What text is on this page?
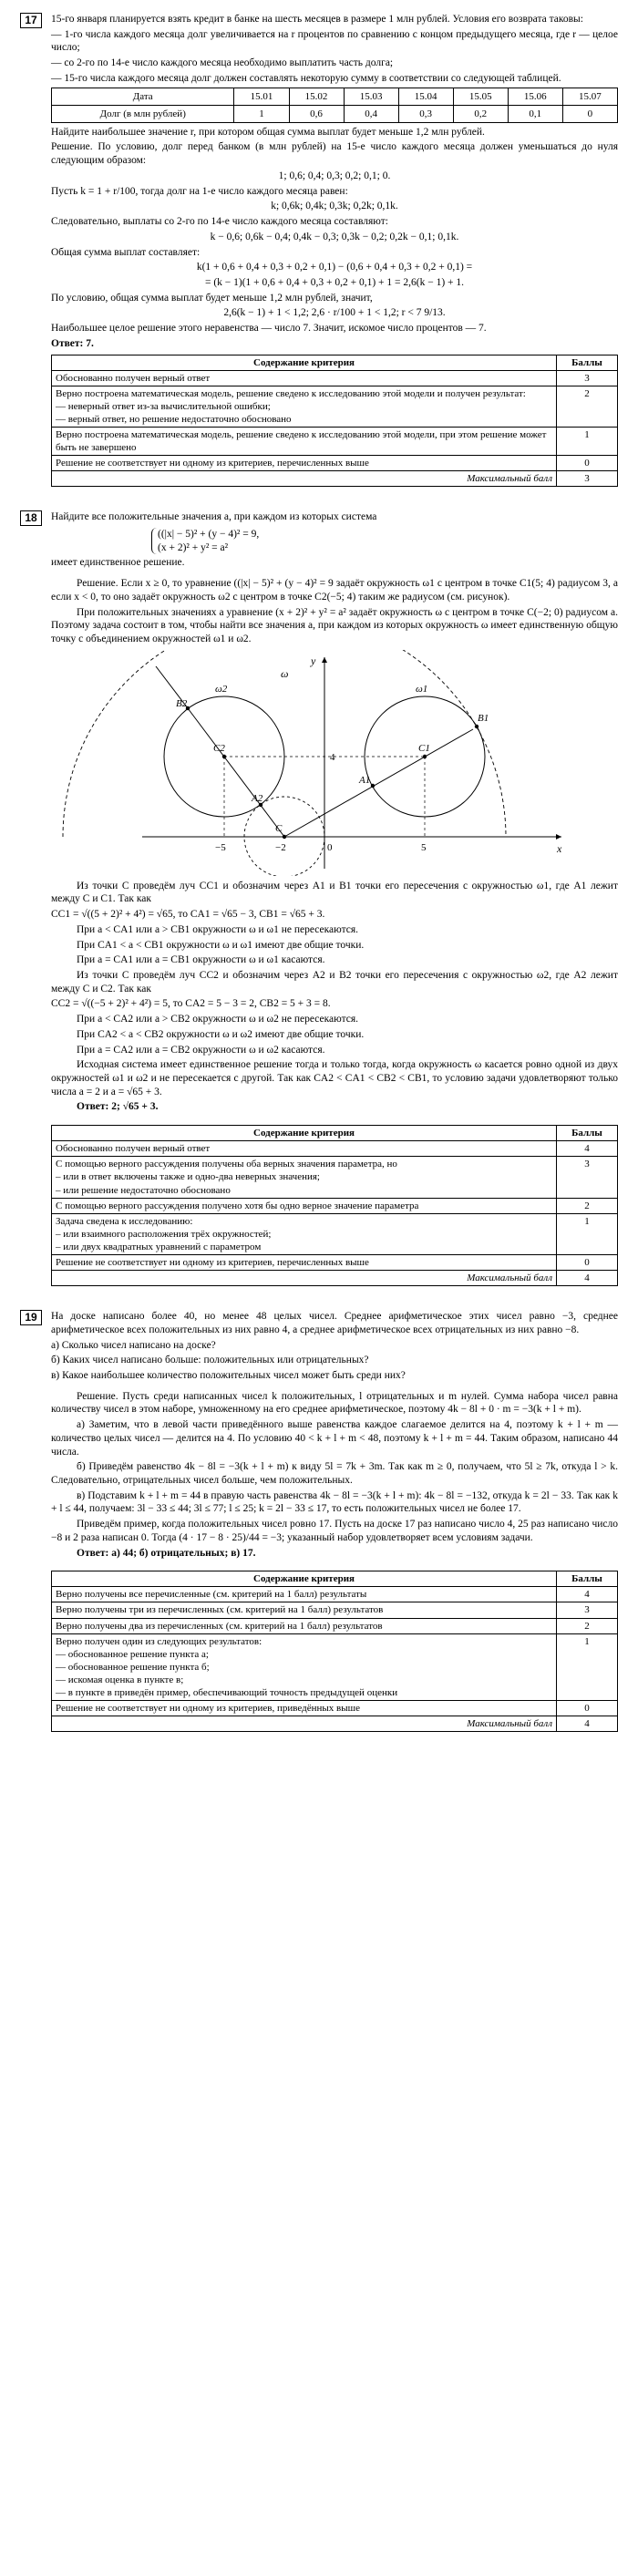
17	15-го января планируется взять кредит в банке на шесть месяцев в размере 1 млн рублей. Условия его возврата таковы:

— 1-го числа каждого месяца долг увеличивается на r процентов по сравнению с концом предыдущего месяца, где r — целое число;

— со 2-го по 14-е число каждого месяца необходимо выплатить часть долга;

— 15-го числа каждого месяца долг должен составлять некоторую сумму в соответствии со следующей таблицей.

Дата	15.01	15.02	15.03	15.04	15.05	15.06	15.07
Долг (в млн рублей)	1	0,6	0,4	0,3	0,2	0,1	0

Найдите наибольшее значение r, при котором общая сумма выплат будет меньше 1,2 млн рублей.

Решение. По условию, долг перед банком (в млн рублей) на 15-е число каждого месяца должен уменьшаться до нуля следующим образом:

1; 0,6; 0,4; 0,3; 0,2; 0,1; 0.

Пусть k = 1 + r/100, тогда долг на 1-е число каждого месяца равен:

k; 0,6k; 0,4k; 0,3k; 0,2k; 0,1k.

Следовательно, выплаты со 2-го по 14-е число каждого месяца составляют:

k − 0,6; 0,6k − 0,4; 0,4k − 0,3; 0,3k − 0,2; 0,2k − 0,1; 0,1k.

Общая сумма выплат составляет:

k(1 + 0,6 + 0,4 + 0,3 + 0,2 + 0,1) − (0,6 + 0,4 + 0,3 + 0,2 + 0,1) =

= (k − 1)(1 + 0,6 + 0,4 + 0,3 + 0,2 + 0,1) + 1 = 2,6(k − 1) + 1.

По условию, общая сумма выплат будет меньше 1,2 млн рублей, значит,

2,6(k − 1) + 1 < 1,2; 2,6 · r/100 + 1 < 1,2; r < 7 9/13.

Наибольшее целое решение этого неравенства — число 7. Значит, искомое число процентов — 7.

Ответ: 7.

Содержание критерия	Баллы
Обоснованно получен верный ответ	3
Верно построена математическая модель, решение сведено к исследованию этой модели и получен результат:
— неверный ответ из-за вычислительной ошибки;
— верный ответ, но решение недостаточно обосновано	2
Верно построена математическая модель, решение сведено к исследованию этой модели, при этом решение может быть не завершено	1
Решение не соответствует ни одному из критериев, перечисленных выше	0
Максимальный балл	3
18	Найдите все положительные значения a, при каждом из которых система

((|x| − 5)² + (y − 4)² = 9,
(x + 2)² + y² = a²

имеет единственное решение.

Решение. Если x ≥ 0, то уравнение ((|x| − 5)² + (y − 4)² = 9 задаёт окружность ω1 с центром в точке C1(5; 4) радиусом 3, а если x < 0, то оно задаёт окружность ω2 с центром в точке C2(−5; 4) таким же радиусом (см. рисунок).

При положительных значениях a уравнение (x + 2)² + y² = a² задаёт окружность ω с центром в точке C(−2; 0) радиусом a. Поэтому задача состоит в том, чтобы найти все значения a, при каждом из которых окружность ω имеет единственную общую точку с объединением окружностей ω1 и ω2.

y
x
ω
ω1
ω2
C1
C2
C
A1
A2
B1
B2
4
−5	−2	0	5

Из точки C проведём луч CC1 и обозначим через A1 и B1 точки его пересечения с окружностью ω1, где A1 лежит между C и C1. Так как

CC1 = √((5 + 2)² + 4²) = √65, то CA1 = √65 − 3, CB1 = √65 + 3.

При a < CA1 или a > CB1 окружности ω и ω1 не пересекаются.

При CA1 < a < CB1 окружности ω и ω1 имеют две общие точки.

При a = CA1 или a = CB1 окружности ω и ω1 касаются.

Из точки C проведём луч CC2 и обозначим через A2 и B2 точки его пересечения с окружностью ω2, где A2 лежит между C и C2. Так как

CC2 = √((−5 + 2)² + 4²) = 5, то CA2 = 5 − 3 = 2, CB2 = 5 + 3 = 8.

При a < CA2 или a > CB2 окружности ω и ω2 не пересекаются.

При CA2 < a < CB2 окружности ω и ω2 имеют две общие точки.

При a = CA2 или a = CB2 окружности ω и ω2 касаются.

Исходная система имеет единственное решение тогда и только тогда, когда окружность ω касается ровно одной из двух окружностей ω1 и ω2 и не пересекается с другой. Так как CA2 < CA1 < CB2 < CB1, то условию задачи удовлетворяют только числа a = 2 и a = √65 + 3.

Ответ: 2; √65 + 3.

Содержание критерия	Баллы
Обоснованно получен верный ответ	4
С помощью верного рассуждения получены оба верных значения параметра, но
– или в ответ включены также и одно-два неверных значения;
– или решение недостаточно обосновано	3
С помощью верного рассуждения получено хотя бы одно верное значение параметра	2
Задача сведена к исследованию:
– или взаимного расположения трёх окружностей;
– или двух квадратных уравнений с параметром	1
Решение не соответствует ни одному из критериев, перечисленных выше	0
Максимальный балл	4
19	На доске написано более 40, но менее 48 целых чисел. Среднее арифметическое этих чисел равно −3, среднее арифметическое всех положительных из них равно 4, а среднее арифметическое всех отрицательных из них равно −8.

а) Сколько чисел написано на доске?

б) Каких чисел написано больше: положительных или отрицательных?

в) Какое наибольшее количество положительных чисел может быть среди них?

Решение. Пусть среди написанных чисел k положительных, l отрицательных и m нулей. Сумма набора чисел равна количеству чисел в этом наборе, умноженному на его среднее арифметическое, поэтому 4k − 8l + 0 · m = −3(k + l + m).

а) Заметим, что в левой части приведённого выше равенства каждое слагаемое делится на 4, поэтому k + l + m — количество целых чисел — делится на 4. По условию 40 < k + l + m < 48, поэтому k + l + m = 44. Таким образом, написано 44 числа.

б) Приведём равенство 4k − 8l = −3(k + l + m) к виду 5l = 7k + 3m. Так как m ≥ 0, получаем, что 5l ≥ 7k, откуда l > k. Следовательно, отрицательных чисел больше, чем положительных.

в) Подставим k + l + m = 44 в правую часть равенства 4k − 8l = −3(k + l + m): 4k − 8l = −132, откуда k = 2l − 33. Так как k + l ≤ 44, получаем: 3l − 33 ≤ 44; 3l ≤ 77; l ≤ 25; k = 2l − 33 ≤ 17, то есть положительных чисел не более 17.

Приведём пример, когда положительных чисел ровно 17. Пусть на доске 17 раз написано число 4, 25 раз написано число −8 и 2 раза написан 0. Тогда (4 · 17 − 8 · 25)/44 = −3; указанный набор удовлетворяет всем условиям задачи.

Ответ: а) 44; б) отрицательных; в) 17.

Содержание критерия	Баллы
Верно получены все перечисленные (см. критерий на 1 балл) результаты	4
Верно получены три из перечисленных (см. критерий на 1 балл) результатов	3
Верно получены два из перечисленных (см. критерий на 1 балл) результатов	2
Верно получен один из следующих результатов:
— обоснованное решение пункта а;
— обоснованное решение пункта б;
— искомая оценка в пункте в;
— в пункте в приведён пример, обеспечивающий точность предыдущей оценки	1
Решение не соответствует ни одному из критериев, приведённых выше	0
Максимальный балл	4
